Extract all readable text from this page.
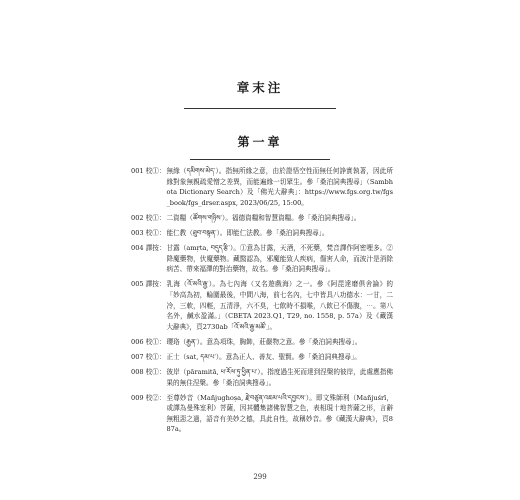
章末注
第一章
001 校①： 無緣（དམིགས་མེད་）。指無所緣之意，由於證悟空性而無任何諍實執著，因此所緣對象無親疏愛憎之差異，而能遍緣一切眾生。參「桑泊詞典搜尋」（Sambhota Dictionary Search）及「佛光大辭典」：https://www.fgs.org.tw/fgs_book/fgs_drser.aspx, 2023/06/25, 15:00。
002 校①： 二資糧（ཚོགས་གཉིས་）。福德資糧和智慧資糧。參「桑泊詞典搜尋」。
003 校①： 能仁教（ཐུབ་བསྟན་）。即能仁法教。參「桑泊詞典搜尋」。
004 譯按： 甘露（amṛta, བདུད་རྩི་）。①意為甘露，天酒，不死藥，梵音譯作阿密哩多。②降魔藥物，伏魔藥物。藏醫認為，邪魔能致人疾病，傷害人命，而波汁是消除病苦、帶來福澤的對治藥物，故名。參「桑泊詞典搜尋」。
005 譯按： 乳海（འོ་མའི་རྒྱ་）。為七內海（又名遊戲海）之一。參《阿毘達磨俱舍論》的「妙高為初，輪圍最後，中間八海，前七名內，七中皆具八功德水：一甘，二冷，三軟，四輕，五清淨，六不臭，七飲時不損喉，八飲已不傷腹，⋯。第八名外，鹹水盈滿。」（CBETA 2023.Q1, T29, no. 1558, p. 57a）及《藏漢大辭典》，頁2730ab「འོ་མའི་རྒྱ་མཚོ་」。
006 校①： 瓔珞（རྒྱན་）。意為項珠，胸飾，莊嚴物之意。參「桑泊詞典搜尋」。
007 校①： 正士（sat, དམ་པ་）。意為正人、善友、聖賢。參「桑泊詞典搜尋」。
008 校①： 彼岸（pāramitā, ཕ་རོལ་ཏུ་ཕྱིན་པ་）。指度過生死而達到涅槃的彼岸，此處應指佛果的無住涅槃。參「桑泊詞典搜尋」。
009 校②： 至尊妙音（Mañjughoṣa, རྗེ་བཙུན་འཇམ་པའི་དབྱངས་）。即文殊師利（Mañjuśrī，或譯為曼殊室利）菩薩，因其體集諸佛智慧之色，表相現十地菩薩之形，言辭無粗惡之過，語音有美妙之德，具此自性，故稱妙音。參《藏漢大辭典》，頁887a。
299
